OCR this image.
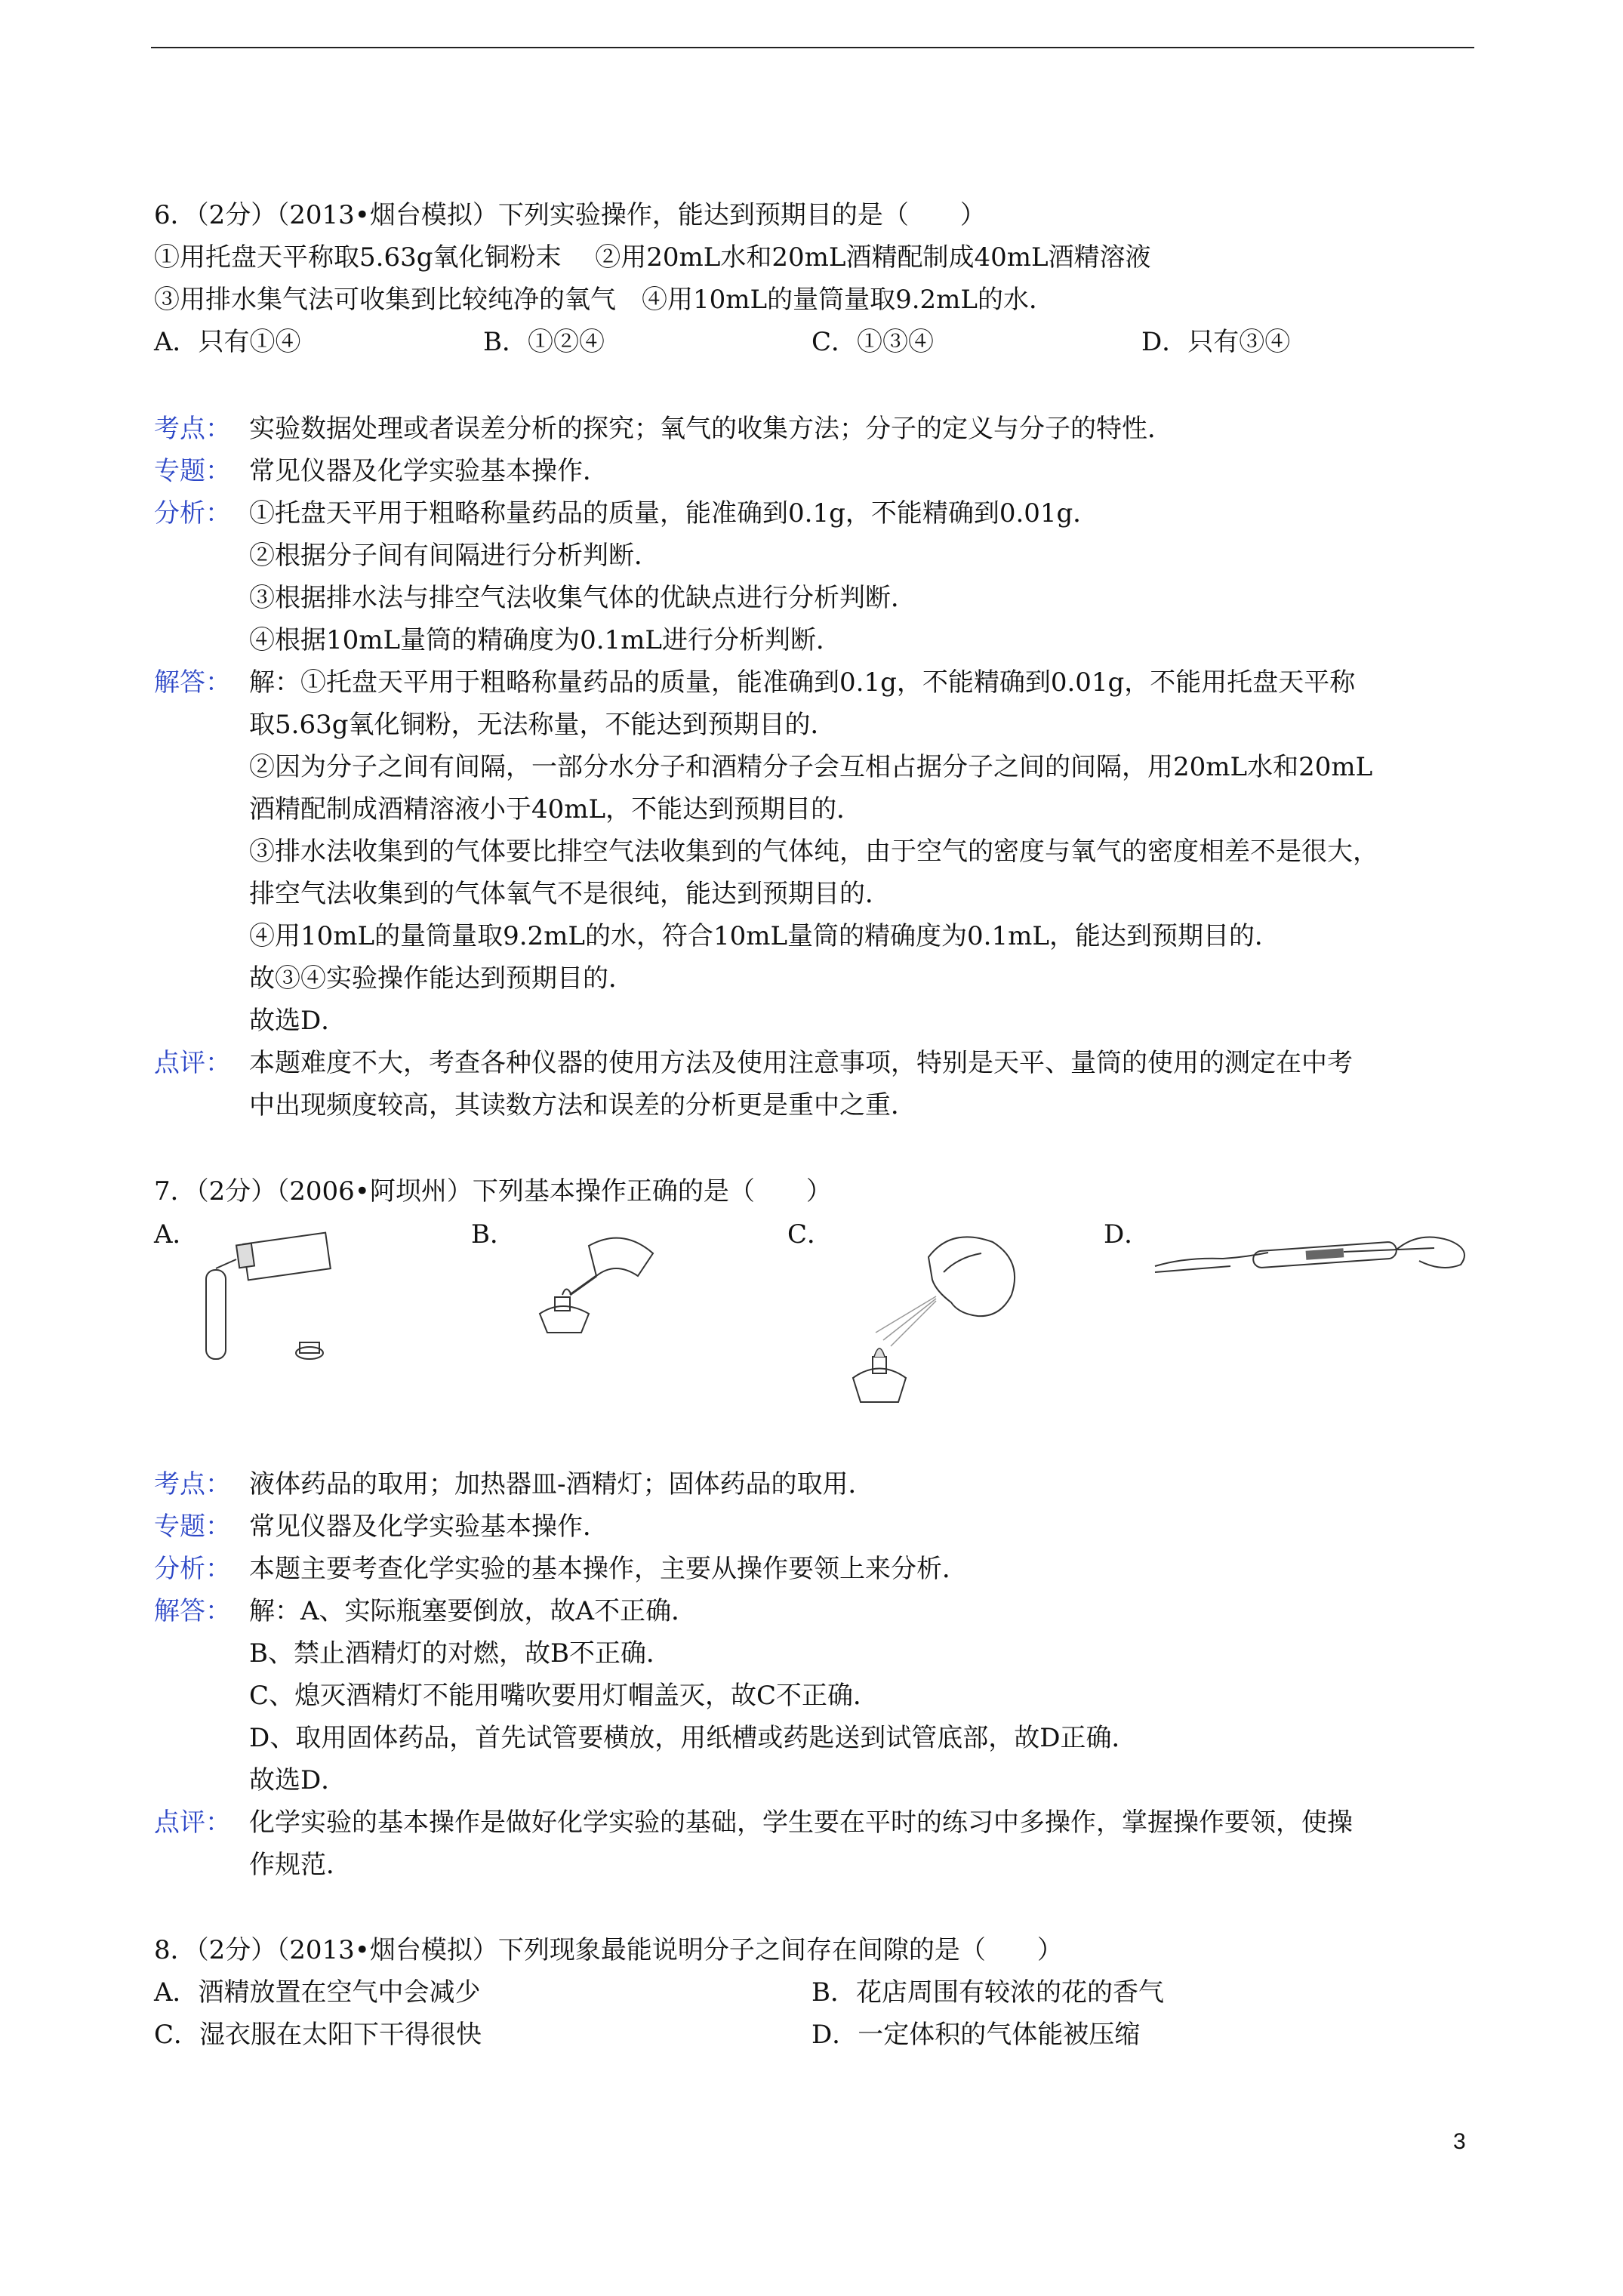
6．（2分）（2013•烟台模拟）下列实验操作，能达到预期目的是（　　）
①用托盘天平称取5.63g氧化铜粉末　 ②用20mL水和20mL酒精配制成40mL酒精溶液
③用排水集气法可收集到比较纯净的氧气　④用10mL的量筒量取9.2mL的水．
A．只有①④	B．①②④	C．①③④	D．只有③④
考点： 实验数据处理或者误差分析的探究；氧气的收集方法；分子的定义与分子的特性．
专题： 常见仪器及化学实验基本操作．
分析： ①托盘天平用于粗略称量药品的质量，能准确到0.1g，不能精确到0.01g．
②根据分子间有间隔进行分析判断．
③根据排水法与排空气法收集气体的优缺点进行分析判断．
④根据10mL量筒的精确度为0.1mL进行分析判断．
解答： 解：①托盘天平用于粗略称量药品的质量，能准确到0.1g，不能精确到0.01g，不能用托盘天平称
取5.63g氧化铜粉，无法称量，不能达到预期目的．
②因为分子之间有间隔，一部分水分子和酒精分子会互相占据分子之间的间隔，用20mL水和20mL
酒精配制成酒精溶液小于40mL，不能达到预期目的．
③排水法收集到的气体要比排空气法收集到的气体纯，由于空气的密度与氧气的密度相差不是很大，
排空气法收集到的气体氧气不是很纯，能达到预期目的．
④用10mL的量筒量取9.2mL的水，符合10mL量筒的精确度为0.1mL，能达到预期目的．
故③④实验操作能达到预期目的．
故选D．
点评： 本题难度不大，考查各种仪器的使用方法及使用注意事项，特别是天平、量筒的使用的测定在中考
中出现频度较高，其读数方法和误差的分析更是重中之重．
7．（2分）（2006•阿坝州）下列基本操作正确的是（　　）
A．	B．	C．	D．
考点： 液体药品的取用；加热器皿-酒精灯；固体药品的取用．
专题： 常见仪器及化学实验基本操作．
分析： 本题主要考查化学实验的基本操作，主要从操作要领上来分析．
解答： 解：A、实际瓶塞要倒放，故A不正确．
B、禁止酒精灯的对燃，故B不正确．
C、熄灭酒精灯不能用嘴吹要用灯帽盖灭，故C不正确．
D、取用固体药品，首先试管要横放，用纸槽或药匙送到试管底部，故D正确．
故选D．
点评： 化学实验的基本操作是做好化学实验的基础，学生要在平时的练习中多操作，掌握操作要领，使操
作规范．
8．（2分）（2013•烟台模拟）下列现象最能说明分子之间存在间隙的是（　　）
A．酒精放置在空气中会减少	B．花店周围有较浓的花的香气
C．湿衣服在太阳下干得很快	D．一定体积的气体能被压缩
3
